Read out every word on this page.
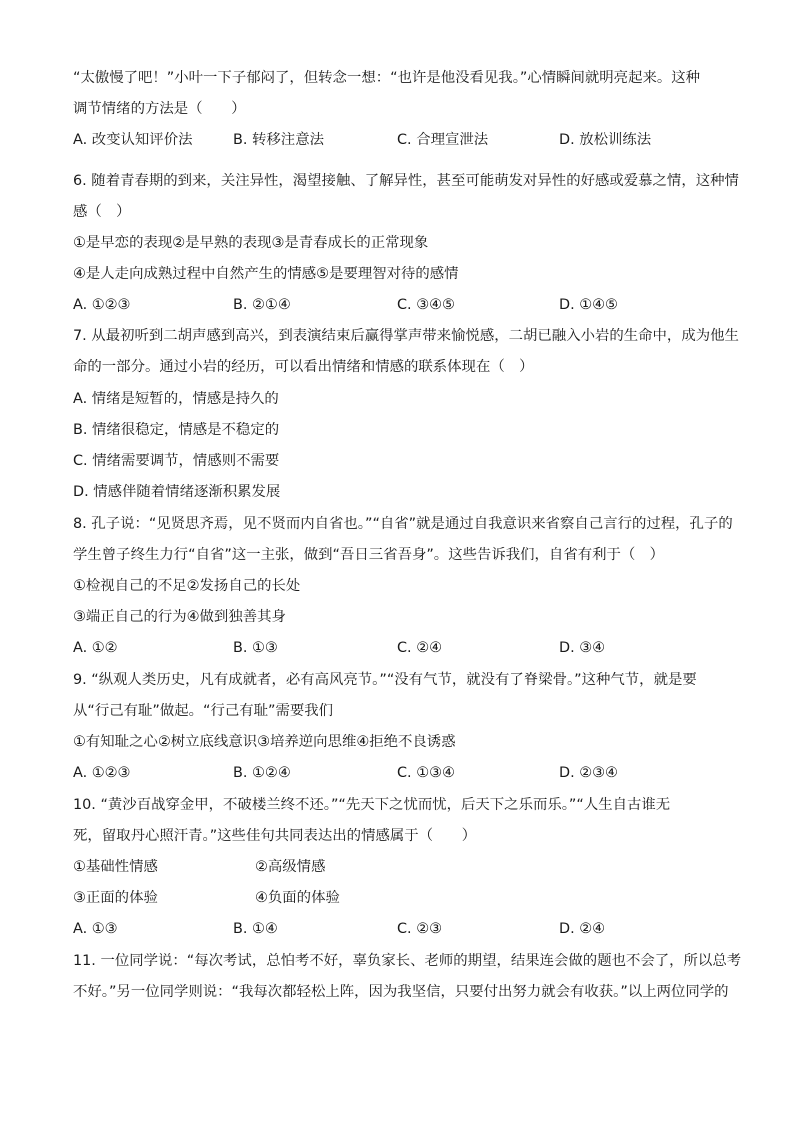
“太傲慢了吧！”小叶一下子郁闷了，但转念一想：“也许是他没看见我。”心情瞬间就明亮起来。这种
调节情绪的方法是（　　）
A. 改变认知评价法	B. 转移注意法	C. 合理宣泄法	D. 放松训练法
6. 随着青春期的到来，关注异性，渴望接触、了解异性，甚至可能萌发对异性的好感或爱慕之情，这种情
感（　）
①是早恋的表现②是早熟的表现③是青春成长的正常现象
④是人走向成熟过程中自然产生的情感⑤是要理智对待的感情
A. ①②③	B. ②①④	C. ③④⑤	D. ①④⑤
7. 从最初听到二胡声感到高兴，到表演结束后赢得掌声带来愉悦感，二胡已融入小岩的生命中，成为他生
命的一部分。通过小岩的经历，可以看出情绪和情感的联系体现在（　）
A. 情绪是短暂的，情感是持久的
B. 情绪很稳定，情感是不稳定的
C. 情绪需要调节，情感则不需要
D. 情感伴随着情绪逐渐积累发展
8. 孔子说：“见贤思齐焉，见不贤而内自省也。”“自省”就是通过自我意识来省察自己言行的过程，孔子的
学生曾子终生力行“自省”这一主张，做到“吾日三省吾身”。这些告诉我们，自省有利于（　）
①检视自己的不足②发扬自己的长处
③端正自己的行为④做到独善其身
A. ①②	B. ①③	C. ②④	D. ③④
9. “纵观人类历史，凡有成就者，必有高风亮节。”“没有气节，就没有了脊梁骨。”这种气节，就是要
从“行己有耻”做起。“行己有耻”需要我们
①有知耻之心②树立底线意识③培养逆向思维④拒绝不良诱惑
A. ①②③	B. ①②④	C. ①③④	D. ②③④
10. “黄沙百战穿金甲，不破楼兰终不还。”“先天下之忧而忧，后天下之乐而乐。”“人生自古谁无
死，留取丹心照汗青。”这些佳句共同表达出的情感属于（　　）
①基础性情感	②高级情感
③正面的体验	④负面的体验
A. ①③	B. ①④	C. ②③	D. ②④
11. 一位同学说：“每次考试，总怕考不好，辜负家长、老师的期望，结果连会做的题也不会了，所以总考
不好。”另一位同学则说：“我每次都轻松上阵，因为我坚信，只要付出努力就会有收获。”以上两位同学的
